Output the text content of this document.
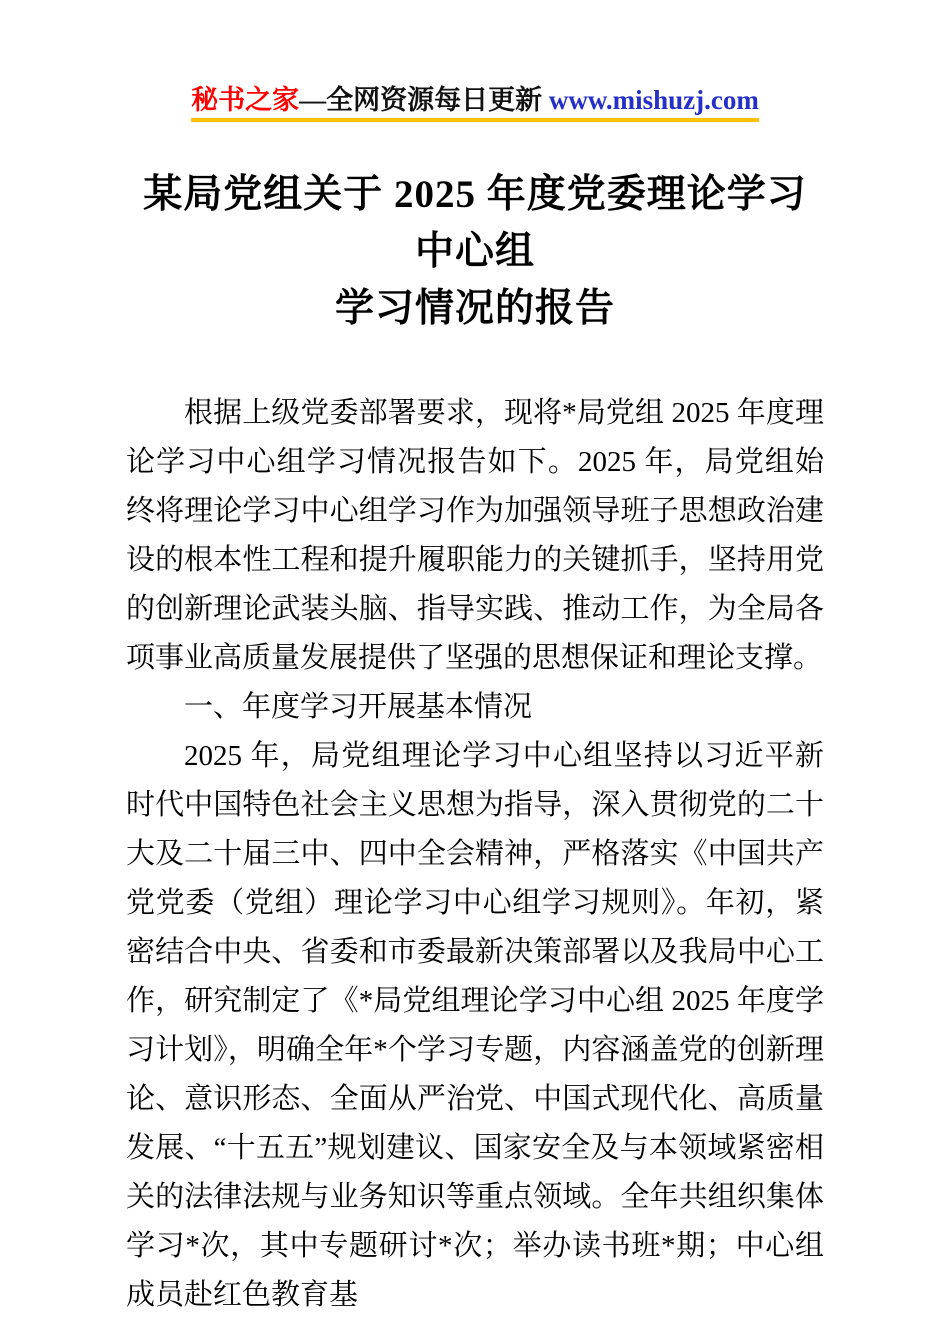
秘书之家—全网资源每日更新 www.mishuzj.com
某局党组关于 2025 年度党委理论学习中心组
学习情况的报告

根据上级党委部署要求，现将*局党组 2025 年度理论学习中心组学习情况报告如下。2025 年，局党组始终将理论学习中心组学习作为加强领导班子思想政治建设的根本性工程和提升履职能力的关键抓手，坚持用党的创新理论武装头脑、指导实践、推动工作，为全局各项事业高质量发展提供了坚强的思想保证和理论支撑。

一、年度学习开展基本情况

2025 年，局党组理论学习中心组坚持以习近平新时代中国特色社会主义思想为指导，深入贯彻党的二十大及二十届三中、四中全会精神，严格落实《中国共产党党委（党组）理论学习中心组学习规则》。年初，紧密结合中央、省委和市委最新决策部署以及我局中心工作，研究制定了《*局党组理论学习中心组 2025 年度学习计划》，明确全年*个学习专题，内容涵盖党的创新理论、意识形态、全面从严治党、中国式现代化、高质量发展、“十五五”规划建议、国家安全及与本领域紧密相关的法律法规与业务知识等重点领域。全年共组织集体学习*次，其中专题研讨*次；举办读书班*期；中心组成员赴红色教育基
